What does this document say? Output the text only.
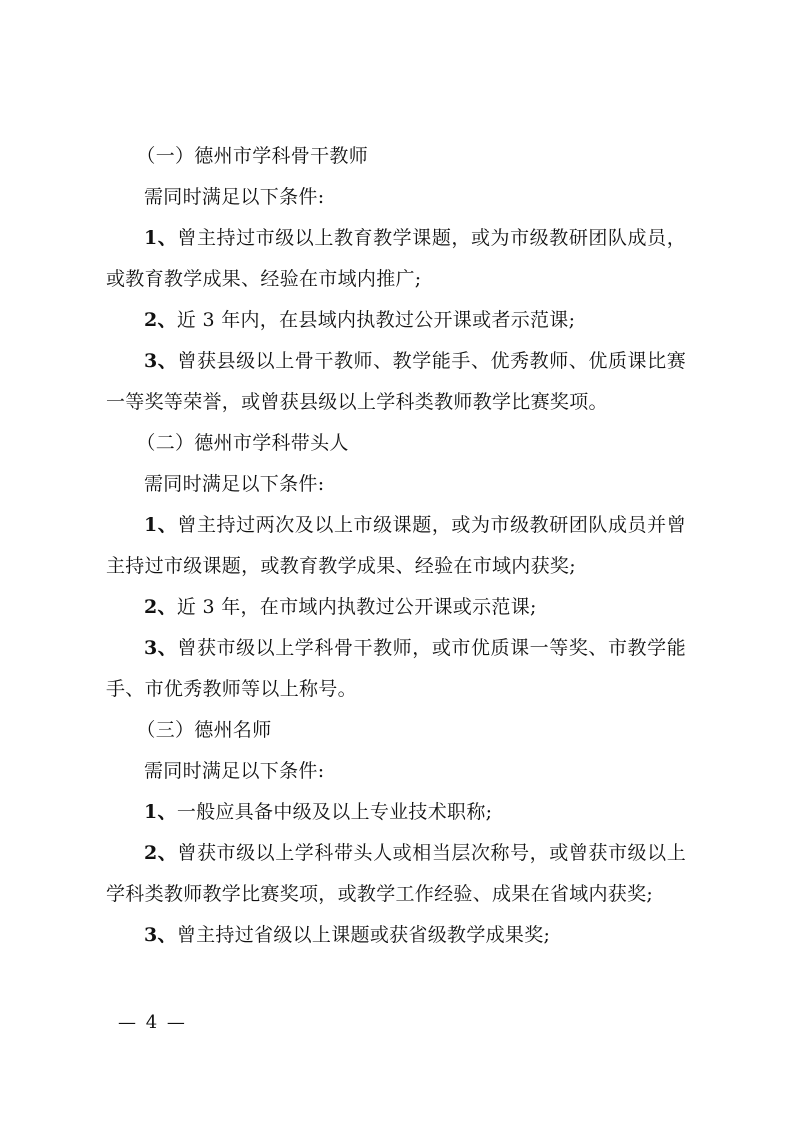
（一）德州市学科骨干教师

需同时满足以下条件:

1、曾主持过市级以上教育教学课题，或为市级教研团队成员，或教育教学成果、经验在市域内推广;

2、近 3 年内，在县域内执教过公开课或者示范课;

3、曾获县级以上骨干教师、教学能手、优秀教师、优质课比赛一等奖等荣誉，或曾获县级以上学科类教师教学比赛奖项。

（二）德州市学科带头人

需同时满足以下条件:

1、曾主持过两次及以上市级课题，或为市级教研团队成员并曾主持过市级课题，或教育教学成果、经验在市域内获奖;

2、近 3 年，在市域内执教过公开课或示范课;

3、曾获市级以上学科骨干教师，或市优质课一等奖、市教学能手、市优秀教师等以上称号。

（三）德州名师

需同时满足以下条件:

1、一般应具备中级及以上专业技术职称;

2、曾获市级以上学科带头人或相当层次称号，或曾获市级以上学科类教师教学比赛奖项，或教学工作经验、成果在省域内获奖;

3、曾主持过省级以上课题或获省级教学成果奖;

— 4 —
